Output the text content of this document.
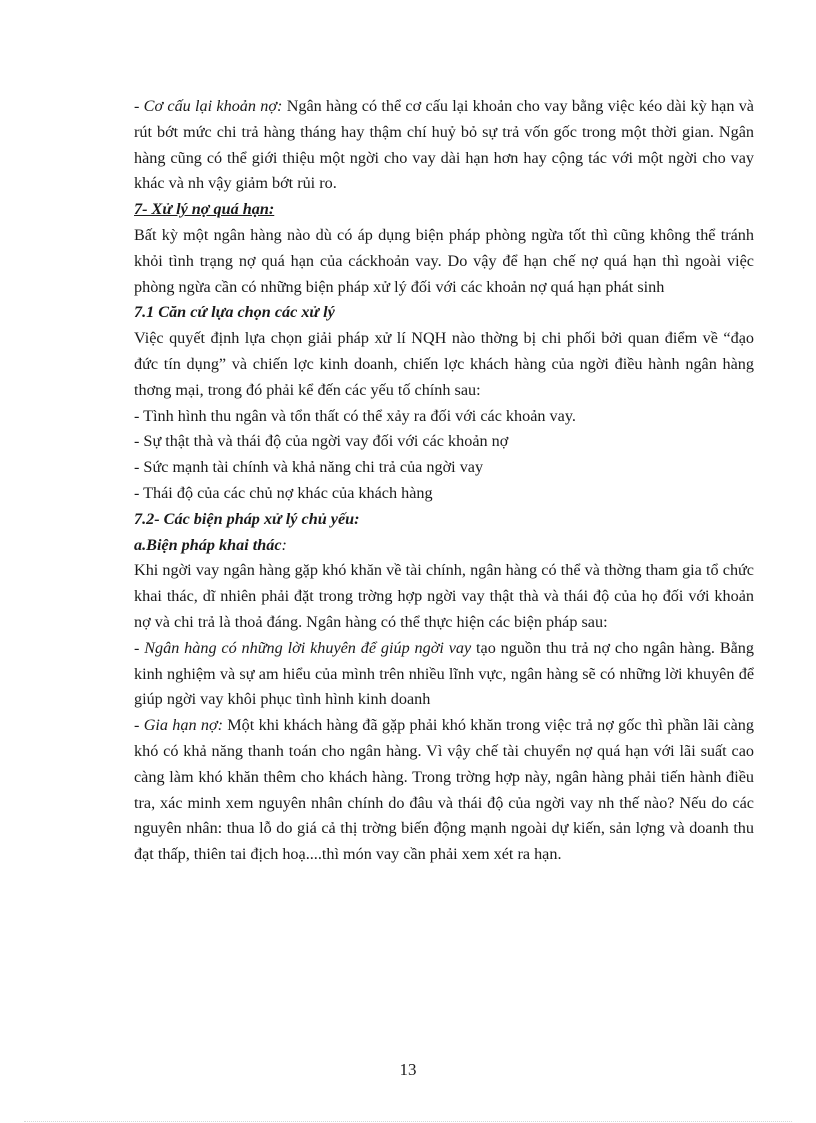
- Cơ cấu lại khoản nợ: Ngân hàng có thể cơ cấu lại khoản cho vay bằng việc kéo dài kỳ hạn và rút bớt mức chi trả hàng tháng hay thậm chí huỷ bỏ sự trả vốn gốc trong một thời gian. Ngân hàng cũng có thể giới thiệu một ngời cho vay dài hạn hơn hay cộng tác với một ngời cho vay khác và nh vậy giảm bớt rủi ro.

7- Xử lý nợ quá hạn:

Bất kỳ một ngân hàng nào dù có áp dụng biện pháp phòng ngừa tốt thì cũng không thể tránh khỏi tình trạng nợ quá hạn của cáckhoản vay. Do vậy để hạn chế nợ quá hạn thì ngoài việc phòng ngừa cần có những biện pháp xử lý đối với các khoản nợ quá hạn phát sinh

7.1 Căn cứ lựa chọn các xử lý

Việc quyết định lựa chọn giải pháp xử lí NQH nào thờng bị chi phối bởi quan điểm về “đạo đức tín dụng” và chiến lợc kinh doanh, chiến lợc khách hàng của ngời điều hành ngân hàng thơng mại, trong đó phải kể đến các yếu tố chính sau:

- Tình hình thu ngân và tổn thất có thể xảy ra đối với các khoản vay.

- Sự thật thà và thái độ của ngời vay đối với các khoản nợ

- Sức mạnh tài chính và khả năng chi trả của ngời vay

- Thái độ của các chủ nợ khác của khách hàng

7.2- Các biện pháp xử lý chủ yếu:

a.Biện pháp khai thác:

Khi ngời vay ngân hàng gặp khó khăn về tài chính, ngân hàng có thể và thờng tham gia tổ chức khai thác, dĩ nhiên phải đặt trong trờng hợp ngời vay thật thà và thái độ của họ đối với khoản nợ và chi trả là thoả đáng. Ngân hàng có thể thực hiện các biện pháp sau:

- Ngân hàng có những lời khuyên để giúp ngời vay tạo nguồn thu trả nợ cho ngân hàng. Bằng kinh nghiệm và sự am hiểu của mình trên nhiều lĩnh vực, ngân hàng sẽ có những lời khuyên để giúp ngời vay khôi phục tình hình kinh doanh

- Gia hạn nợ: Một khi khách hàng đã gặp phải khó khăn trong việc trả nợ gốc thì phần lãi càng khó có khả năng thanh toán cho ngân hàng. Vì vậy chế tài chuyển nợ quá hạn với lãi suất cao càng làm khó khăn thêm cho khách hàng. Trong trờng hợp này, ngân hàng phải tiến hành điều tra, xác minh xem nguyên nhân chính do đâu và thái độ của ngời vay nh thế nào? Nếu do các nguyên nhân: thua lỗ do giá cả thị trờng biến động mạnh ngoài dự kiến, sản lợng và doanh thu đạt thấp, thiên tai địch hoạ....thì món vay cần phải xem xét ra hạn.

13
